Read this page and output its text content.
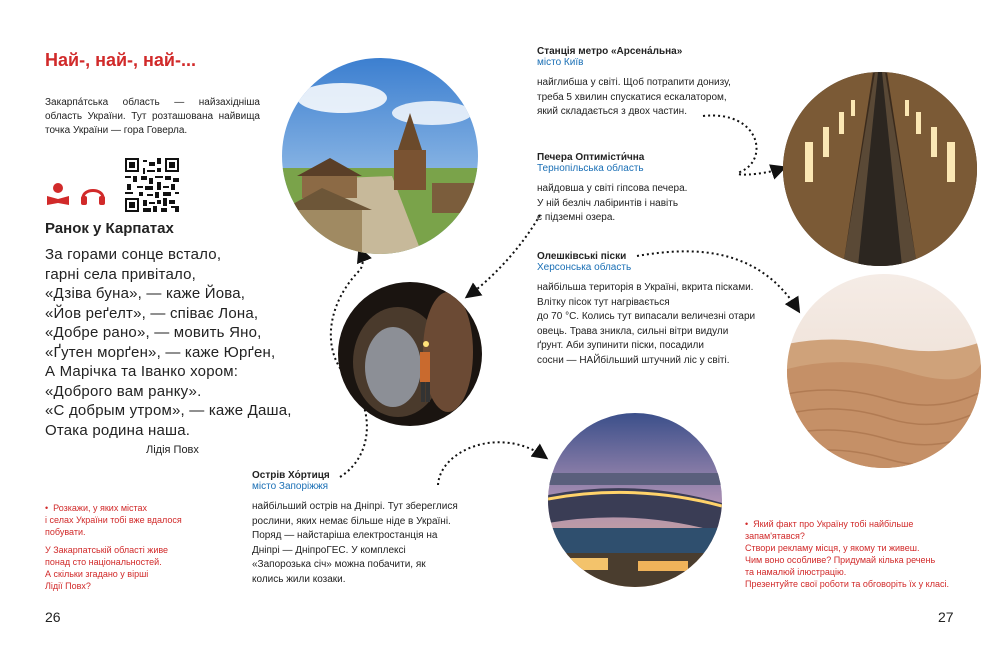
Най-, най-, най-...
Закарпа́тська область — найзахідніша область України. Тут розташована найвища точка України — гора Говерла.
Ранок у Карпатах
За горами сонце встало,
гарні села привітало,
«Дзіва буна», — каже Йова,
«Йов реґелт», — співає Лона,
«Добре рано», — мовить Яно,
«Ґутен морґен», — каже Юрґен,
А Марічка та Іванко хором:
«Доброго вам ранку».
«С добрым утром», — каже Даша,
Отака родина наша.
Лідія Повх
•  Розкажи, у яких містах
і селах України тобі вже вдалося
побувати.
У Закарпатській області живе
понад сто національностей.
А скільки згадано у вірші
Лідії Повх?
26
Станція метро «Арсена́льна»
місто Київ
найглибша у світі. Щоб потрапити донизу,
треба 5 хвилин спускатися ескалатором,
який складається з двох частин.
Печера Оптимісти́чна
Тернопільська область
найдовша у світі гіпсова печера.
У ній безліч лабіринтів і навіть
є підземні озера.
Олешківські піски
Херсонська область
найбільша територія в Україні, вкрита пісками.
Влітку пісок тут нагрівається
до 70 °С. Колись тут випасали величезні отари
овець. Трава зникла, сильні вітри видули
ґрунт. Аби зупинити піски, посадили
сосни — НАЙбільший штучний ліс у світі.
Острів Хо́ртиця
місто Запоріжжя
найбільший острів на Дніпрі. Тут збереглися
рослини, яких немає більше ніде в Україні.
Поряд — найстаріша електростанція на
Дніпрі — ДніпроГЕС. У комплексі
«Запорозька січ» можна побачити, як
колись жили козаки.
•  Який факт про Україну тобі найбільше
запам'ятався?
Створи рекламу місця, у якому ти живеш.
Чим воно особливе? Придумай кілька речень
та намалюй ілюстрацію.
Презентуйте свої роботи та обговоріть їх у класі.
27
